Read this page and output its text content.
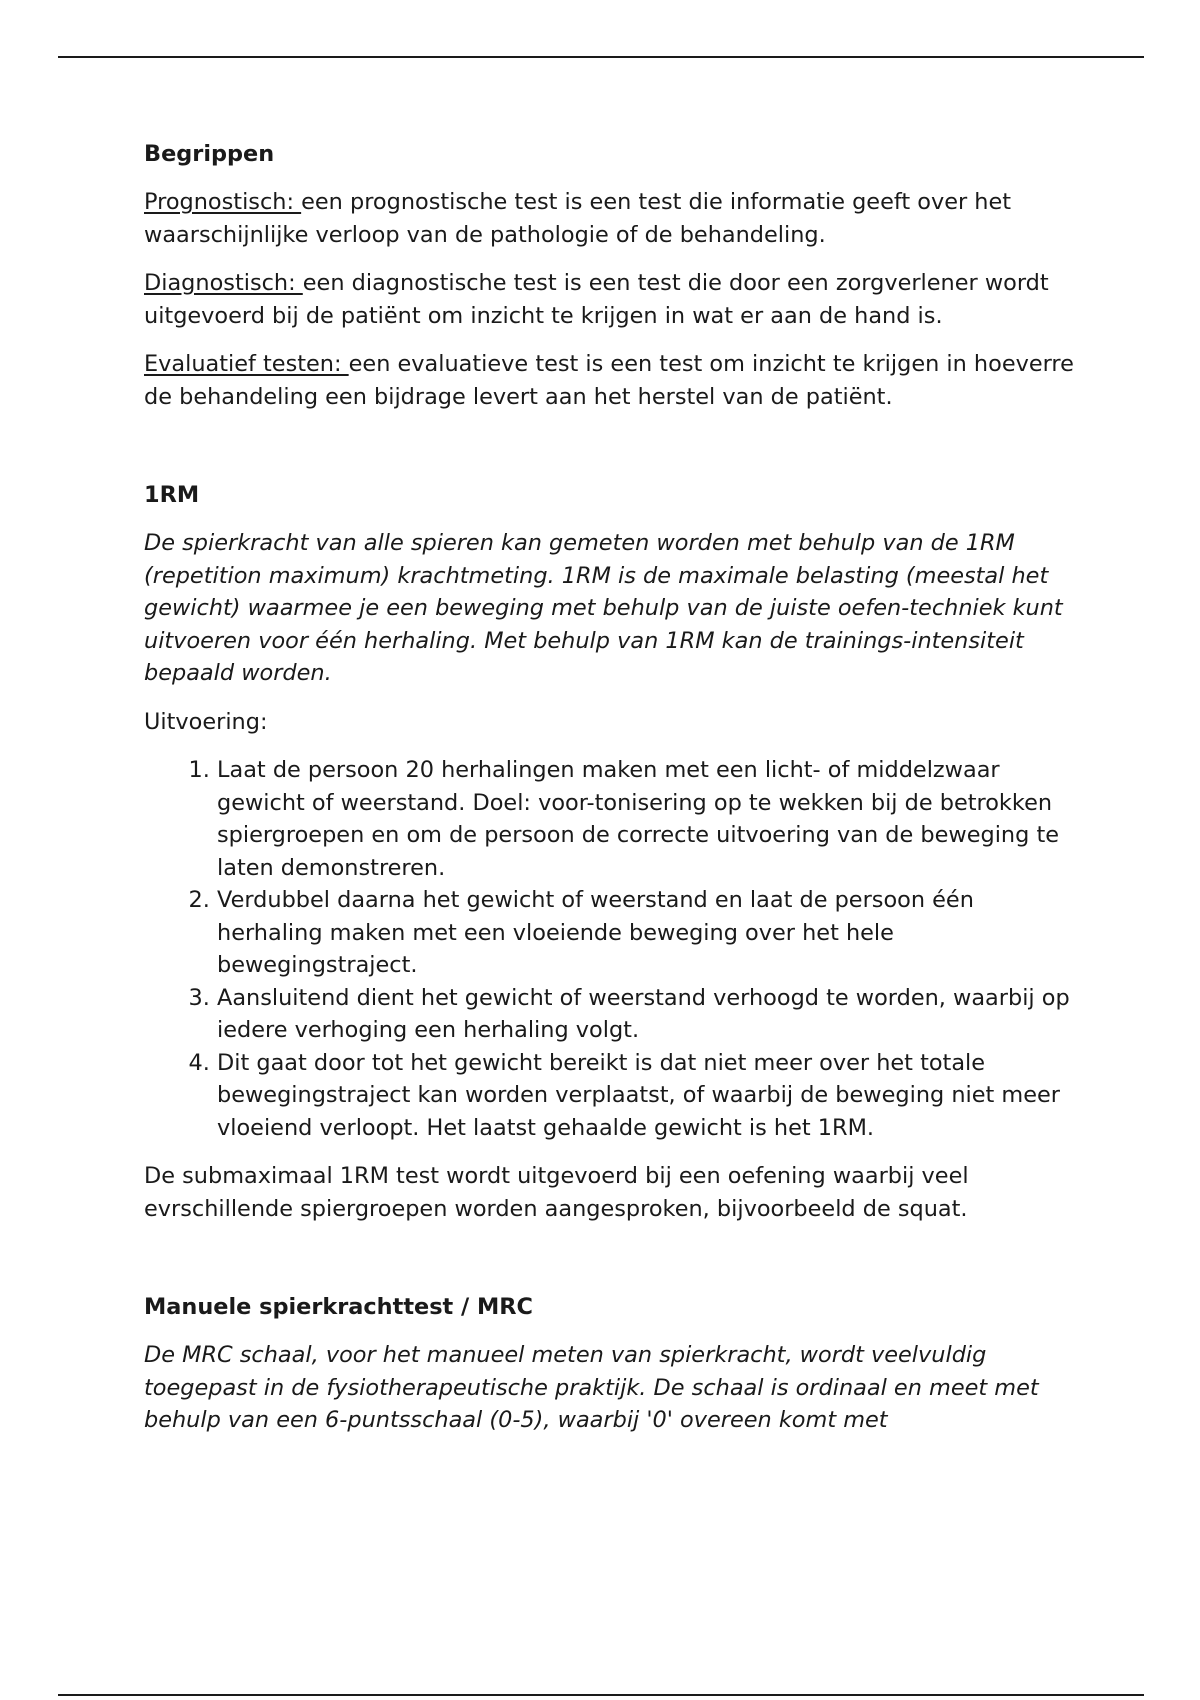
Begrippen

Prognostisch: een prognostische test is een test die informatie geeft over het waarschijnlijke verloop van de pathologie of de behandeling.

Diagnostisch: een diagnostische test is een test die door een zorgverlener wordt uitgevoerd bij de patiënt om inzicht te krijgen in wat er aan de hand is.

Evaluatief testen: een evaluatieve test is een test om inzicht te krijgen in hoeverre de behandeling een bijdrage levert aan het herstel van de patiënt.

1RM

De spierkracht van alle spieren kan gemeten worden met behulp van de 1RM (repetition maximum) krachtmeting. 1RM is de maximale belasting (meestal het gewicht) waarmee je een beweging met behulp van de juiste oefen-techniek kunt uitvoeren voor één herhaling. Met behulp van 1RM kan de trainings-intensiteit bepaald worden.

Uitvoering:

1. Laat de persoon 20 herhalingen maken met een licht- of middelzwaar gewicht of weerstand. Doel: voor-tonisering op te wekken bij de betrokken spiergroepen en om de persoon de correcte uitvoering van de beweging te laten demonstreren.
2. Verdubbel daarna het gewicht of weerstand en laat de persoon één herhaling maken met een vloeiende beweging over het hele bewegingstraject.
3. Aansluitend dient het gewicht of weerstand verhoogd te worden, waarbij op iedere verhoging een herhaling volgt.
4. Dit gaat door tot het gewicht bereikt is dat niet meer over het totale bewegingstraject kan worden verplaatst, of waarbij de beweging niet meer vloeiend verloopt. Het laatst gehaalde gewicht is het 1RM.

De submaximaal 1RM test wordt uitgevoerd bij een oefening waarbij veel evrschillende spiergroepen worden aangesproken, bijvoorbeeld de squat.

Manuele spierkrachttest / MRC

De MRC schaal, voor het manueel meten van spierkracht, wordt veelvuldig toegepast in de fysiotherapeutische praktijk. De schaal is ordinaal en meet met behulp van een 6-puntsschaal (0-5), waarbij '0' overeen komt met
